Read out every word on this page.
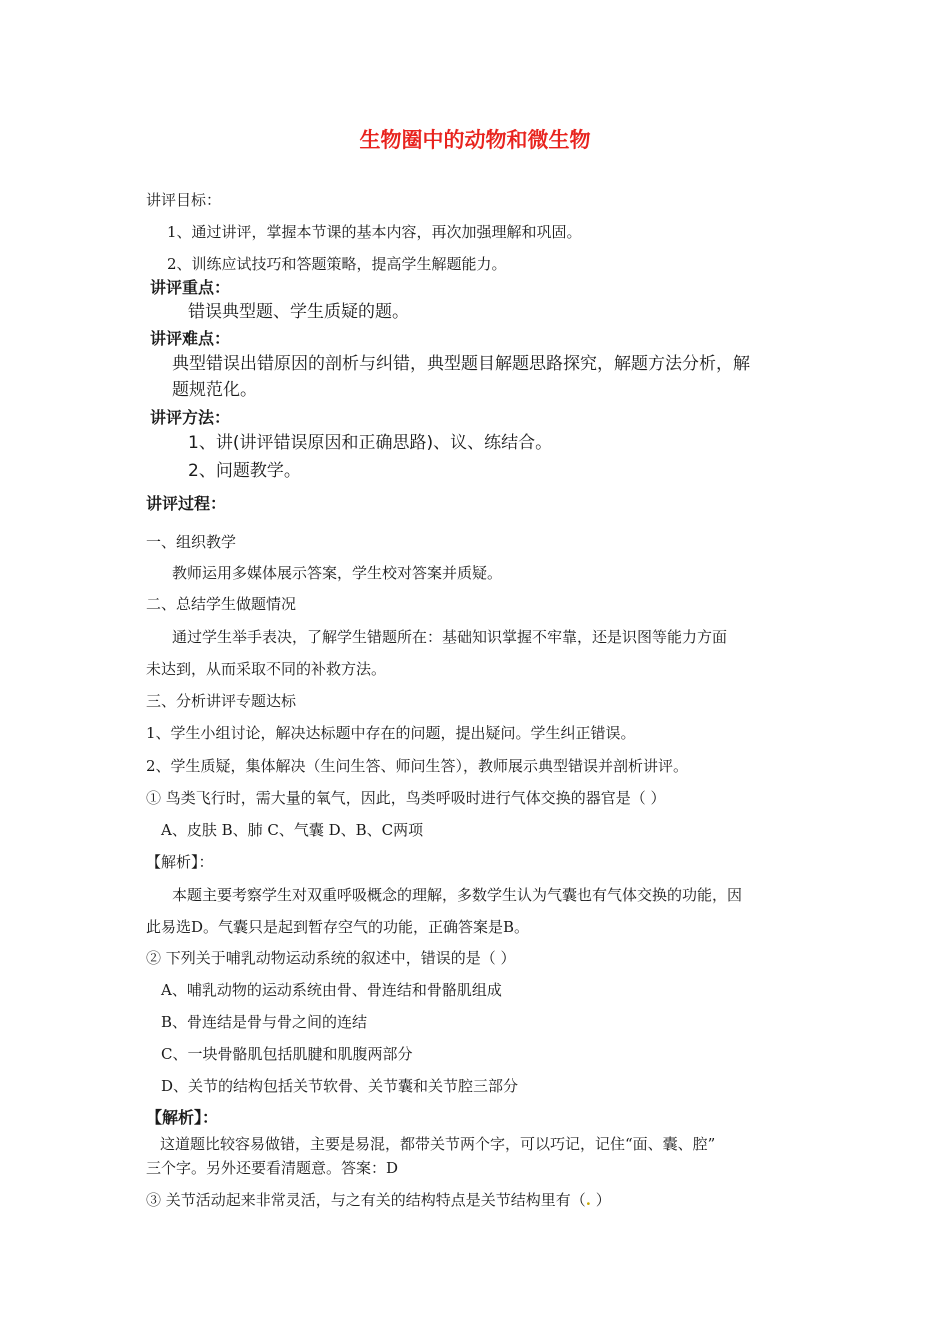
生物圈中的动物和微生物
讲评目标：
1、通过讲评，掌握本节课的基本内容，再次加强理解和巩固。
2、训练应试技巧和答题策略，提高学生解题能力。
讲评重点：
错误典型题、学生质疑的题。
讲评难点：
典型错误出错原因的剖析与纠错，典型题目解题思路探究，解题方法分析，解
题规范化。
讲评方法：
1、讲(讲评错误原因和正确思路)、议、练结合。
2、问题教学。
讲评过程：
一、组织教学
教师运用多媒体展示答案，学生校对答案并质疑。
二、总结学生做题情况
通过学生举手表决，了解学生错题所在：基础知识掌握不牢靠，还是识图等能力方面
未达到，从而采取不同的补救方法。
三、分析讲评专题达标
1、学生小组讨论，解决达标题中存在的问题，提出疑问。学生纠正错误。
2、学生质疑，集体解决（生问生答、师问生答），教师展示典型错误并剖析讲评。
① 鸟类飞行时，需大量的氧气，因此，鸟类呼吸时进行气体交换的器官是（ ）
A、皮肤 B、肺 C、气囊 D、B、C两项
【解析】：
本题主要考察学生对双重呼吸概念的理解，多数学生认为气囊也有气体交换的功能，因
此易选D。气囊只是起到暂存空气的功能，正确答案是B。
② 下列关于哺乳动物运动系统的叙述中，错误的是（ ）
A、哺乳动物的运动系统由骨、骨连结和骨骼肌组成
B、骨连结是骨与骨之间的连结
C、一块骨骼肌包括肌腱和肌腹两部分
D、关节的结构包括关节软骨、关节囊和关节腔三部分
【解析】：
这道题比较容易做错，主要是易混，都带关节两个字，可以巧记，记住“面、囊、腔”
三个字。另外还要看清题意。答案：D
③ 关节活动起来非常灵活，与之有关的结构特点是关节结构里有（. ）
